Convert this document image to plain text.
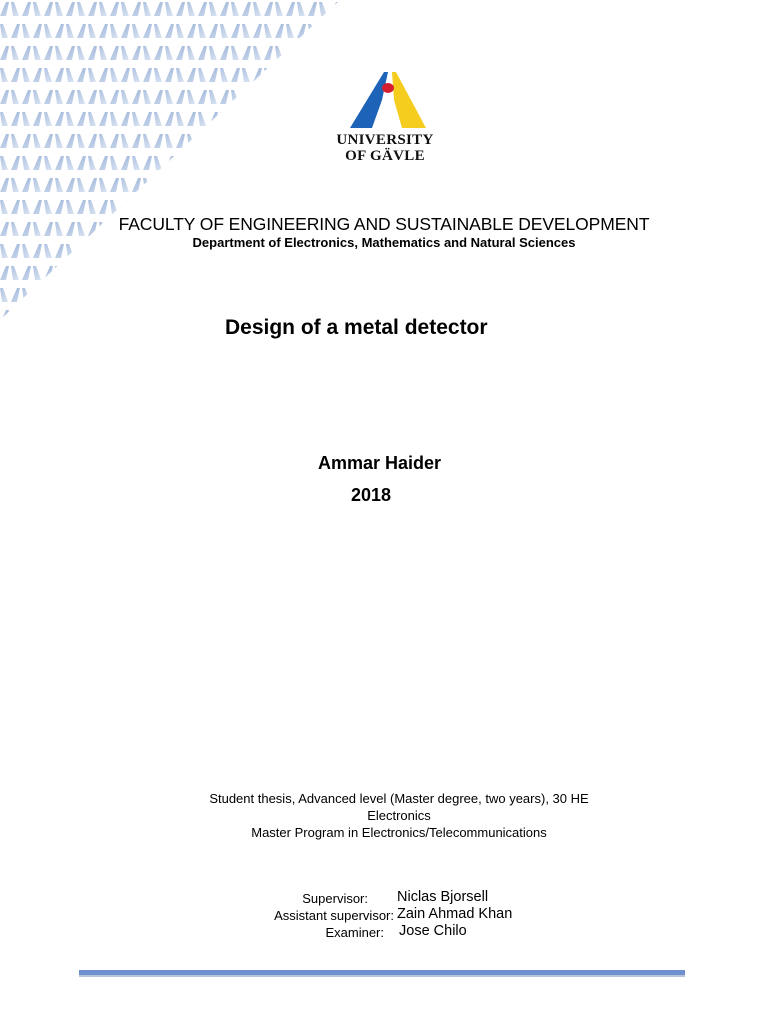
UNIVERSITY
OF GÄVLE
FACULTY OF ENGINEERING AND SUSTAINABLE DEVELOPMENT
Department of Electronics, Mathematics and Natural Sciences
Design of a metal detector
Ammar Haider
2018
Student thesis, Advanced level (Master degree, two years), 30 HE
Electronics
Master Program in Electronics/Telecommunications
Supervisor: Niclas Bjorsell
Assistant supervisor: Zain Ahmad Khan
Examiner: Jose Chilo
